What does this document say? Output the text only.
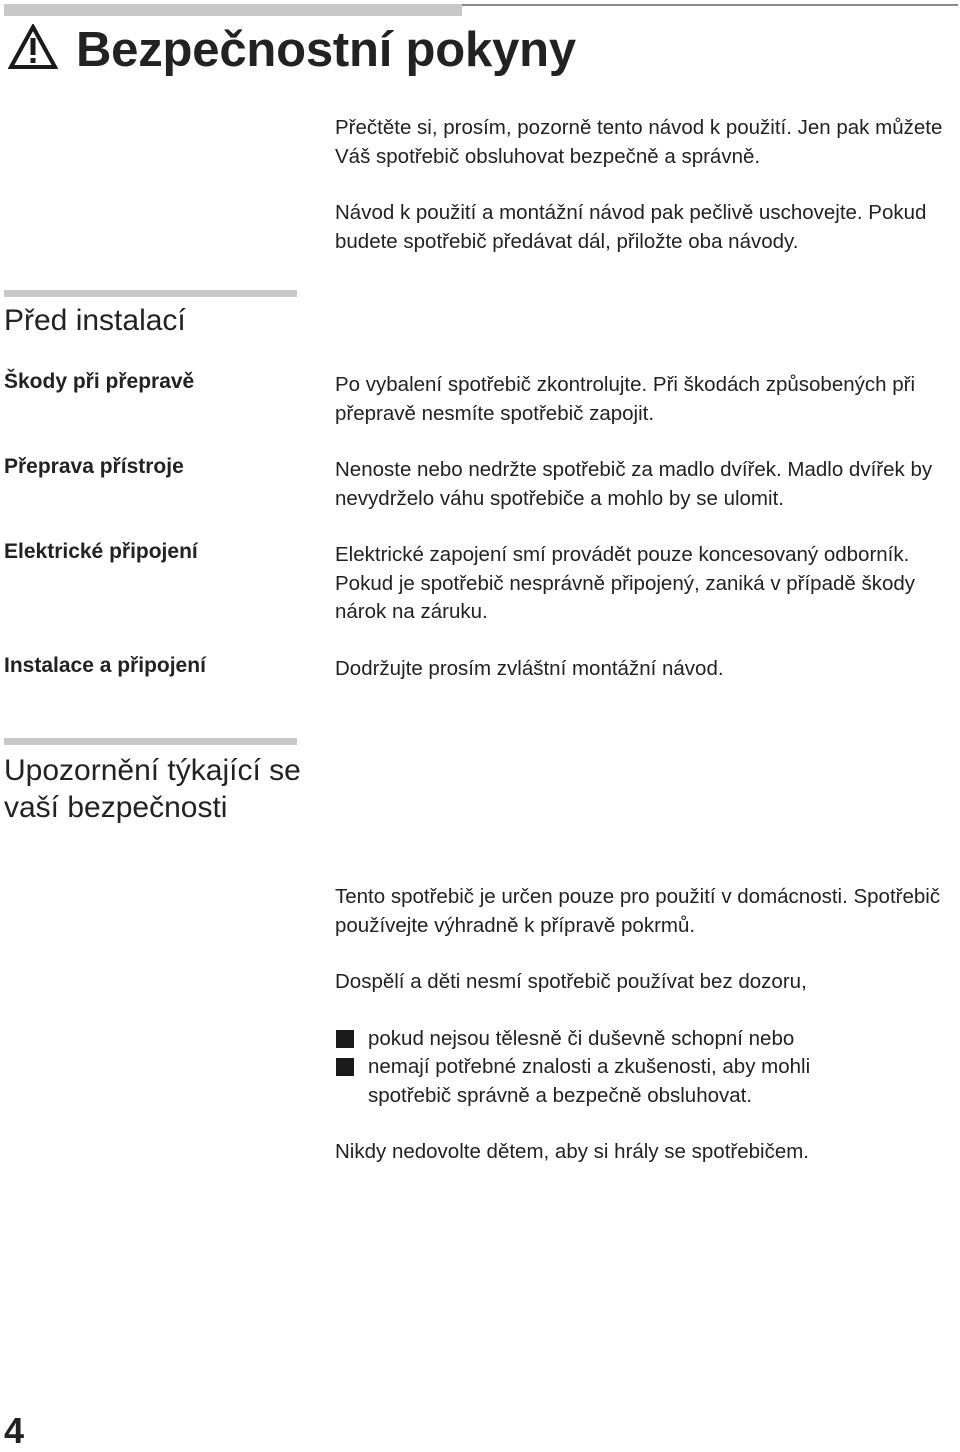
Bezpečnostní pokyny
Přečtěte si, prosím, pozorně tento návod k použití. Jen pak můžete Váš spotřebič obsluhovat bezpečně a správně.
Návod k použití a montážní návod pak pečlivě uschovejte. Pokud budete spotřebič předávat dál, přiložte oba návody.
Před instalací
Škody při přepravě	Po vybalení spotřebič zkontrolujte. Při škodách způsobených při přepravě nesmíte spotřebič zapojit.
Přeprava přístroje	Nenoste nebo nedržte spotřebič za madlo dvířek. Madlo dvířek by nevydrželo váhu spotřebiče a mohlo by se ulomit.
Elektrické připojení	Elektrické zapojení smí provádět pouze koncesovaný odborník. Pokud je spotřebič nesprávně připojený, zaniká v případě škody nárok na záruku.
Instalace a připojení	Dodržujte prosím zvláštní montážní návod.
Upozornění týkající se vaší bezpečnosti
Tento spotřebič je určen pouze pro použití v domácnosti. Spotřebič používejte výhradně k přípravě pokrmů.
Dospělí a děti nesmí spotřebič používat bez dozoru,
pokud nejsou tělesně či duševně schopní nebo
nemají potřebné znalosti a zkušenosti, aby mohli spotřebič správně a bezpečně obsluhovat.
Nikdy nedovolte dětem, aby si hrály se spotřebičem.
4
